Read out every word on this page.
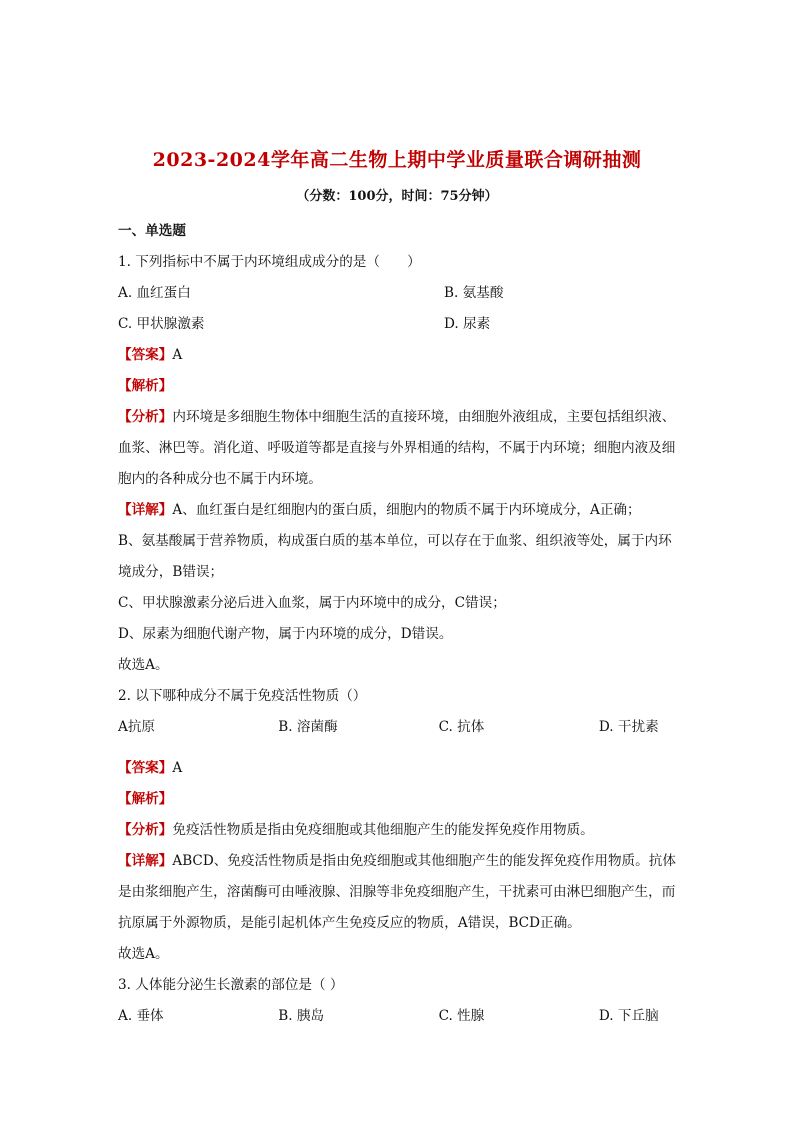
2023-2024学年高二生物上期中学业质量联合调研抽测
（分数：100分，时间：75分钟）
一、单选题
1. 下列指标中不属于内环境组成成分的是（　　）
A. 血红蛋白	B. 氨基酸
C. 甲状腺激素	D. 尿素
【答案】A
【解析】
【分析】内环境是多细胞生物体中细胞生活的直接环境，由细胞外液组成，主要包括组织液、血浆、淋巴等。消化道、呼吸道等都是直接与外界相通的结构，不属于内环境；细胞内液及细胞内的各种成分也不属于内环境。
【详解】A、血红蛋白是红细胞内的蛋白质，细胞内的物质不属于内环境成分，A正确；
B、氨基酸属于营养物质，构成蛋白质的基本单位，可以存在于血浆、组织液等处，属于内环境成分，B错误；
C、甲状腺激素分泌后进入血浆，属于内环境中的成分，C错误；
D、尿素为细胞代谢产物，属于内环境的成分，D错误。
故选A。
2. 以下哪种成分不属于免疫活性物质（）
A抗原	B. 溶菌酶	C. 抗体	D. 干扰素
【答案】A
【解析】
【分析】免疫活性物质是指由免疫细胞或其他细胞产生的能发挥免疫作用物质。
【详解】ABCD、免疫活性物质是指由免疫细胞或其他细胞产生的能发挥免疫作用物质。抗体是由浆细胞产生，溶菌酶可由唾液腺、泪腺等非免疫细胞产生，干扰素可由淋巴细胞产生，而抗原属于外源物质，是能引起机体产生免疫反应的物质，A错误，BCD正确。
故选A。
3. 人体能分泌生长激素的部位是（ ）
A. 垂体	B. 胰岛	C. 性腺	D. 下丘脑
